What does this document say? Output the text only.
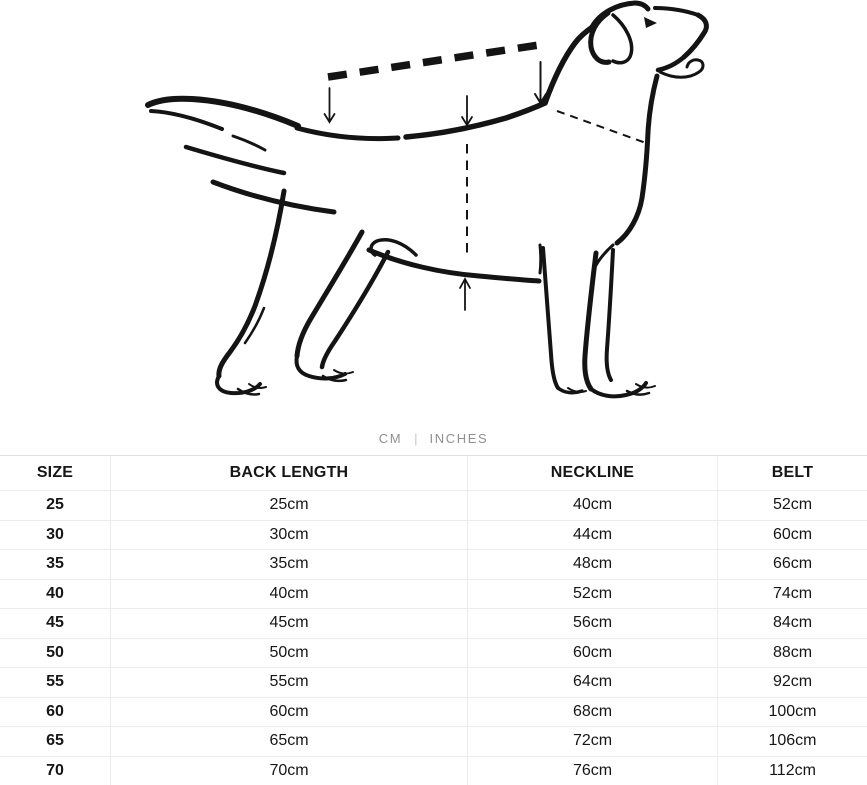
CM | INCHES
SIZE	BACK LENGTH	NECKLINE	BELT
25	25cm	40cm	52cm
30	30cm	44cm	60cm
35	35cm	48cm	66cm
40	40cm	52cm	74cm
45	45cm	56cm	84cm
50	50cm	60cm	88cm
55	55cm	64cm	92cm
60	60cm	68cm	100cm
65	65cm	72cm	106cm
70	70cm	76cm	112cm
